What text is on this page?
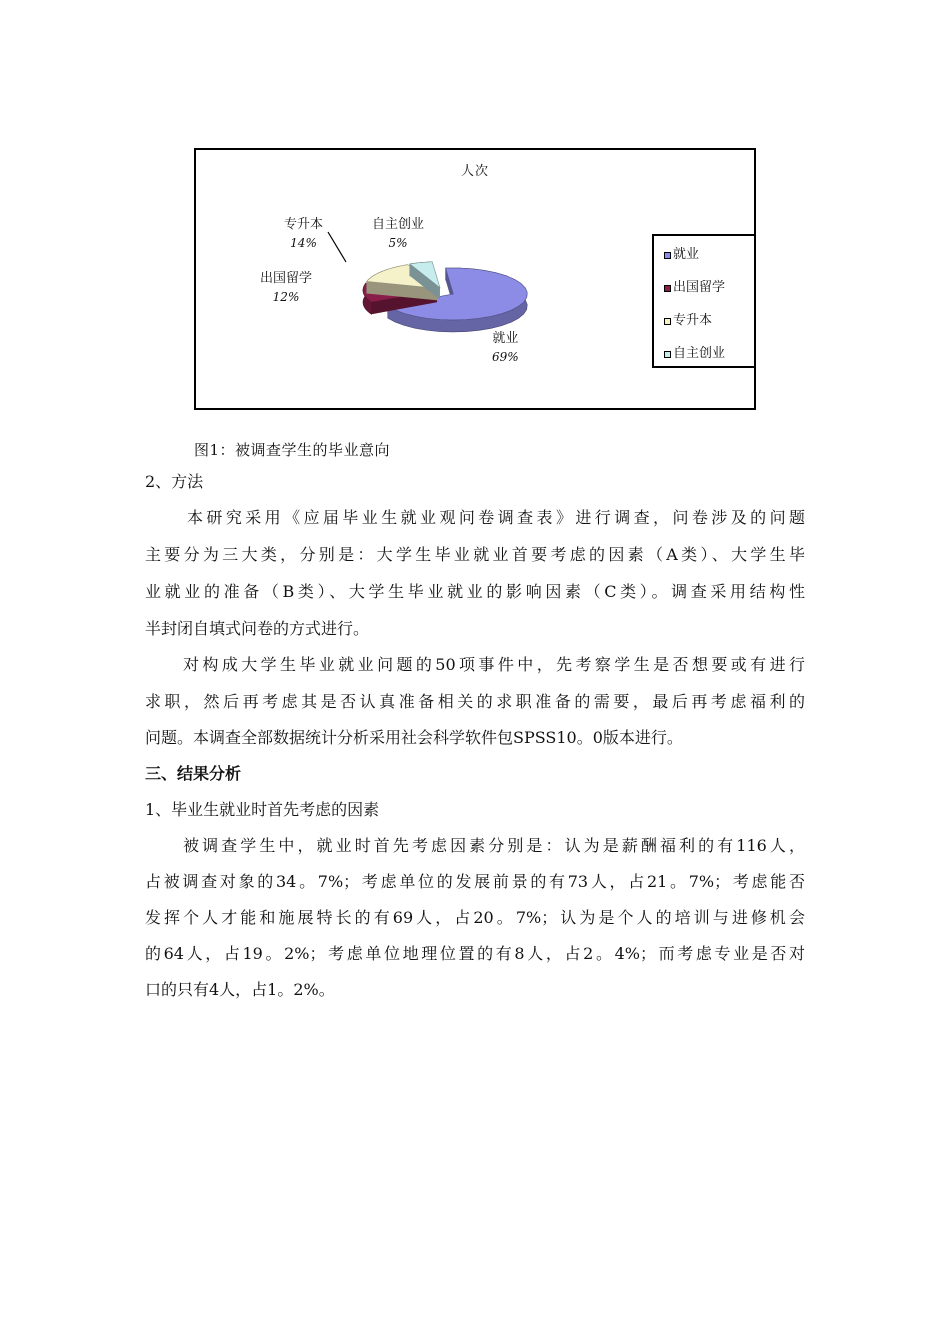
人次
专升本
14%
自主创业
5%
出国留学
12%
就业
69%
就业
出国留学
专升本
自主创业
图1：被调查学生的毕业意向
2、方法
本研究采用《应届毕业生就业观问卷调查表》进行调查，问卷涉及的问题
主要分为三大类，分别是：大学生毕业就业首要考虑的因素（A类）、大学生毕
业就业的准备（B类）、大学生毕业就业的影响因素（C类）。调查采用结构性
半封闭自填式问卷的方式进行。
对构成大学生毕业就业问题的50项事件中，先考察学生是否想要或有进行
求职，然后再考虑其是否认真准备相关的求职准备的需要，最后再考虑福利的
问题。本调查全部数据统计分析采用社会科学软件包SPSS10。0版本进行。
三、结果分析
1、毕业生就业时首先考虑的因素
被调查学生中，就业时首先考虑因素分别是：认为是薪酬福利的有116人，
占被调查对象的34。7%；考虑单位的发展前景的有73人，占21。7%；考虑能否
发挥个人才能和施展特长的有69人，占20。7%；认为是个人的培训与进修机会
的64人，占19。2%；考虑单位地理位置的有8人，占2。4%；而考虑专业是否对
口的只有4人，占1。2%。
